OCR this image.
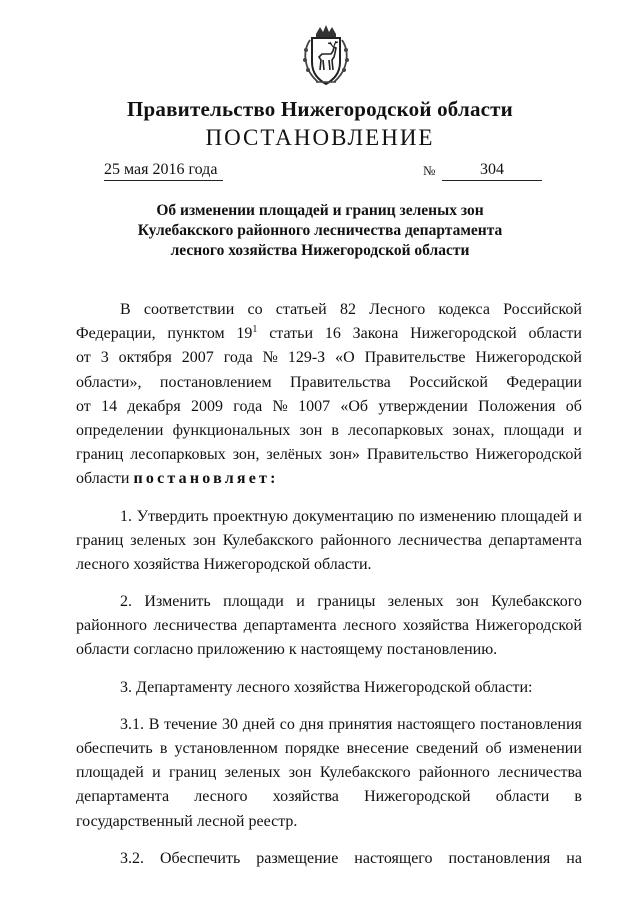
Правительство Нижегородской области
ПОСТАНОВЛЕНИЕ
25 мая 2016 года	№	304
Об изменении площадей и границ зеленых зон
Кулебакского районного лесничества департамента
лесного хозяйства Нижегородской области
В соответствии со статьей 82 Лесного кодекса Российской
Федерации, пунктом $19^1$ статьи 16 Закона Нижегородской области
от 3 октября 2007 года № 129-З «О Правительстве Нижегородской
области», постановлением Правительства Российской Федерации
от 14 декабря 2009 года № 1007 «Об утверждении Положения об
определении функциональных зон в лесопарковых зонах, площади и
границ лесопарковых зон, зелёных зон» Правительство Нижегородской
области постановляет:
1. Утвердить проектную документацию по изменению площадей и
границ зеленых зон Кулебакского районного лесничества департамента
лесного хозяйства Нижегородской области.
2. Изменить площади и границы зеленых зон Кулебакского
районного лесничества департамента лесного хозяйства Нижегородской
области согласно приложению к настоящему постановлению.
3. Департаменту лесного хозяйства Нижегородской области:
3.1. В течение 30 дней со дня принятия настоящего постановления
обеспечить в установленном порядке внесение сведений об изменении
площадей и границ зеленых зон Кулебакского районного лесничества
департамента лесного хозяйства Нижегородской области в
государственный лесной реестр.
3.2. Обеспечить размещение настоящего постановления на
